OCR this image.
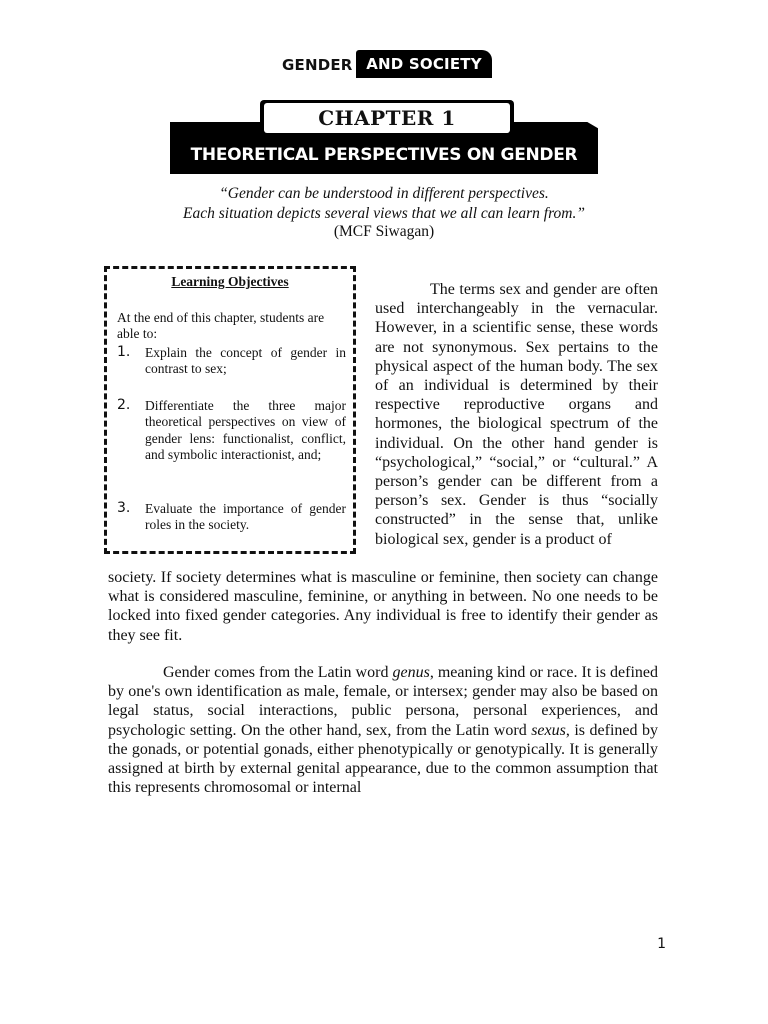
GENDER AND SOCIETY
CHAPTER 1
THEORETICAL PERSPECTIVES ON GENDER
“Gender can be understood in different perspectives.
Each situation depicts several views that we all can learn from.”
(MCF Siwagan)
Learning Objectives
At the end of this chapter, students are able to:
1. Explain the concept of gender in contrast to sex;
2. Differentiate the three major theoretical perspectives on view of gender lens: functionalist, conflict, and symbolic interactionist, and;
3. Evaluate the importance of gender roles in the society.
The terms sex and gender are often used interchangeably in the vernacular. However, in a scientific sense, these words are not synonymous. Sex pertains to the physical aspect of the human body. The sex of an individual is determined by their respective reproductive organs and hormones, the biological spectrum of the individual. On the other hand gender is “psychological,” “social,” or “cultural.” A person’s gender can be different from a person’s sex. Gender is thus “socially constructed” in the sense that, unlike biological sex, gender is a product of
society. If society determines what is masculine or feminine, then society can change what is considered masculine, feminine, or anything in between. No one needs to be locked into fixed gender categories. Any individual is free to identify their gender as they see fit.
Gender comes from the Latin word genus, meaning kind or race. It is defined by one's own identification as male, female, or intersex; gender may also be based on legal status, social interactions, public persona, personal experiences, and psychologic setting. On the other hand, sex, from the Latin word sexus, is defined by the gonads, or potential gonads, either phenotypically or genotypically. It is generally assigned at birth by external genital appearance, due to the common assumption that this represents chromosomal or internal
1
